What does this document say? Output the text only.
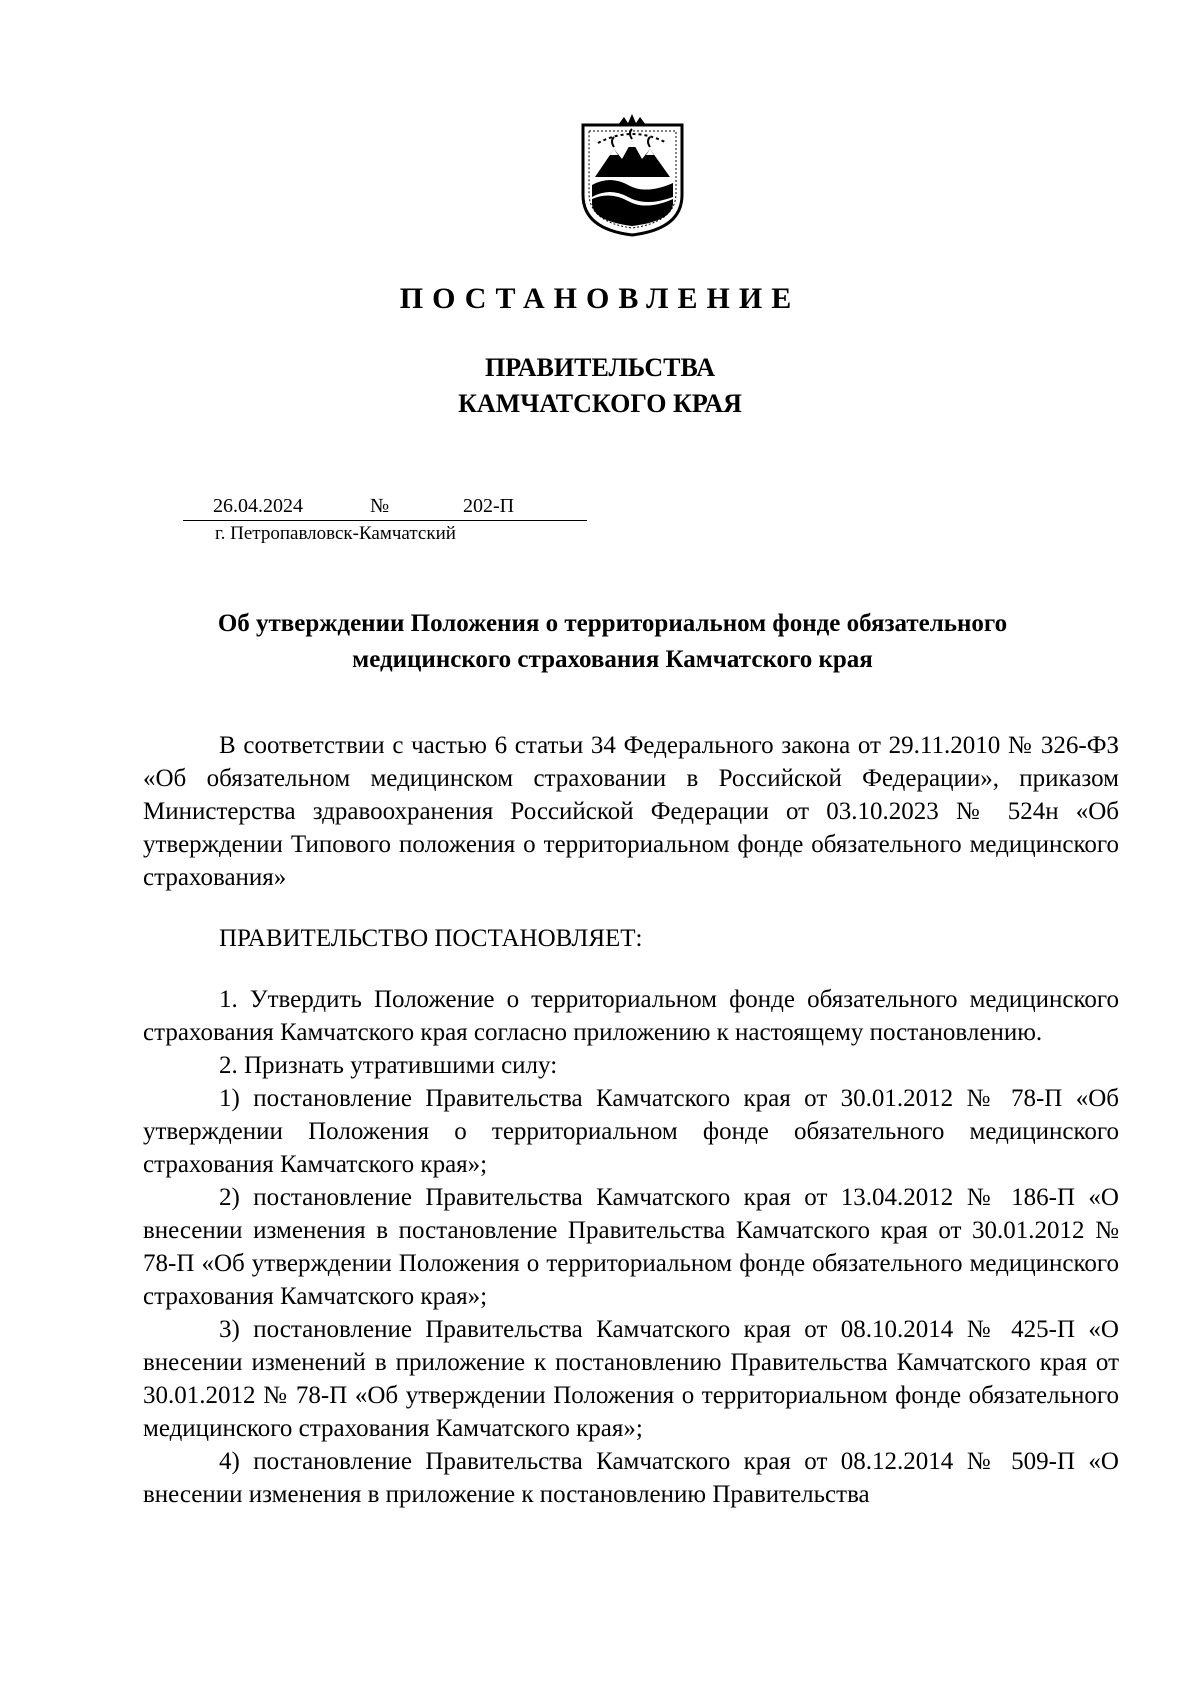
ПОСТАНОВЛЕНИЕ
ПРАВИТЕЛЬСТВА
КАМЧАТСКОГО КРАЯ
26.04.2024	№	202-П
г. Петропавловск-Камчатский
Об утверждении Положения о территориальном фонде обязательного
медицинского страхования Камчатского края

В соответствии с частью 6 статьи 34 Федерального закона от 29.11.2010 № 326-ФЗ «Об обязательном медицинском страховании в Российской Федерации», приказом Министерства здравоохранения Российской Федерации от 03.10.2023 № 524н «Об утверждении Типового положения о территориальном фонде обязательного медицинского страхования»

ПРАВИТЕЛЬСТВО ПОСТАНОВЛЯЕТ:

1. Утвердить Положение о территориальном фонде обязательного медицинского страхования Камчатского края согласно приложению к настоящему постановлению.

2. Признать утратившими силу:

1) постановление Правительства Камчатского края от 30.01.2012 № 78-П «Об утверждении Положения о территориальном фонде обязательного медицинского страхования Камчатского края»;

2) постановление Правительства Камчатского края от 13.04.2012 № 186-П «О внесении изменения в постановление Правительства Камчатского края от 30.01.2012 № 78-П «Об утверждении Положения о территориальном фонде обязательного медицинского страхования Камчатского края»;

3) постановление Правительства Камчатского края от 08.10.2014 № 425-П «О внесении изменений в приложение к постановлению Правительства Камчатского края от 30.01.2012 № 78-П «Об утверждении Положения о территориальном фонде обязательного медицинского страхования Камчатского края»;

4) постановление Правительства Камчатского края от 08.12.2014 № 509-П «О внесении изменения в приложение к постановлению Правительства
